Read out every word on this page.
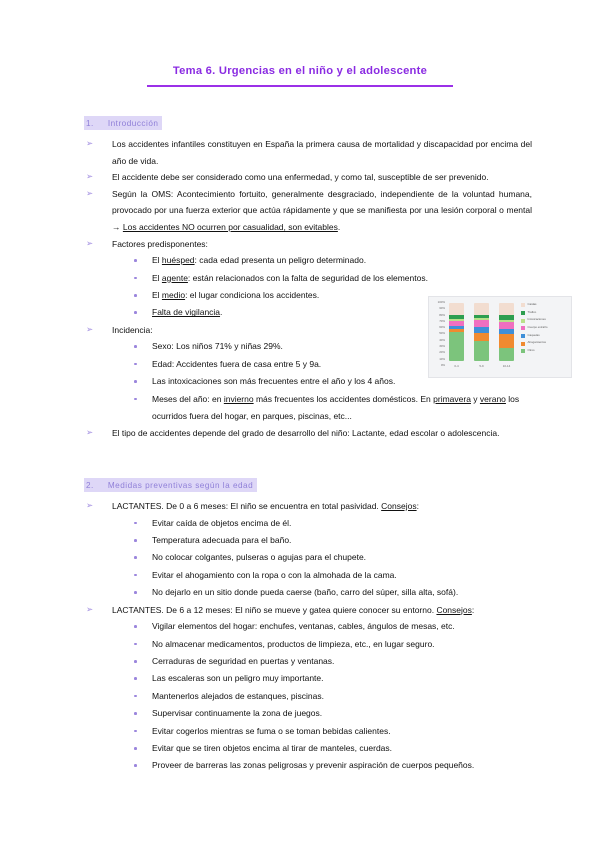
Tema 6. Urgencias en el niño y el adolescente
1. Introducción
➢ Los accidentes infantiles constituyen en España la primera causa de mortalidad y discapacidad por encima del año de vida.
➢ El accidente debe ser considerado como una enfermedad, y como tal, susceptible de ser prevenido.
➢ Según la OMS: Acontecimiento fortuito, generalmente desgraciado, independiente de la voluntad humana, provocado por una fuerza exterior que actúa rápidamente y que se manifiesta por una lesión corporal o mental → Los accidentes NO ocurren por casualidad, son evitables.
➢ Factores predisponentes:
El huésped: cada edad presenta un peligro determinado.
El agente: están relacionados con la falta de seguridad de los elementos.
El medio: el lugar condiciona los accidentes.
Falta de vigilancia.
➢ Incidencia:
Sexo: Los niños 71% y niñas 29%.
Edad: Accidentes fuera de casa entre 5 y 9a.
Las intoxicaciones son más frecuentes entre el año y los 4 años.
Meses del año: en invierno más frecuentes los accidentes domésticos. En primavera y verano los ocurridos fuera del hogar, en parques, piscinas, etc...
➢ El tipo de accidentes depende del grado de desarrollo del niño: Lactante, edad escolar o adolescencia.
2. Medidas preventivas según la edad
➢ LACTANTES. De 0 a 6 meses: El niño se encuentra en total pasividad. Consejos:
Evitar caída de objetos encima de él.
Temperatura adecuada para el baño.
No colocar colgantes, pulseras o agujas para el chupete.
Evitar el ahogamiento con la ropa o con la almohada de la cama.
No dejarlo en un sitio donde pueda caerse (baño, carro del súper, silla alta, sofá).
➢ LACTANTES. De 6 a 12 meses: El niño se mueve y gatea quiere conocer su entorno. Consejos:
Vigilar elementos del hogar: enchufes, ventanas, cables, ángulos de mesas, etc.
No almacenar medicamentos, productos de limpieza, etc., en lugar seguro.
Cerraduras de seguridad en puertas y ventanas.
Las escaleras son un peligro muy importante.
Mantenerlos alejados de estanques, piscinas.
Supervisar continuamente la zona de juegos.
Evitar cogerlos mientras se fuma o se toman bebidas calientes.
Evitar que se tiren objetos encima al tirar de manteles, cuerdas.
Proveer de barreras las zonas peligrosas y prevenir aspiración de cuerpos pequeños.
100%
90%
80%
70%
60%
50%
40%
30%
20%
10%
0%	0-4	5-9	10-14
Caidas
Trafico
Intoxicaciones
Cuerpo extraño
Caquelas
Ahogamientos
Otros
